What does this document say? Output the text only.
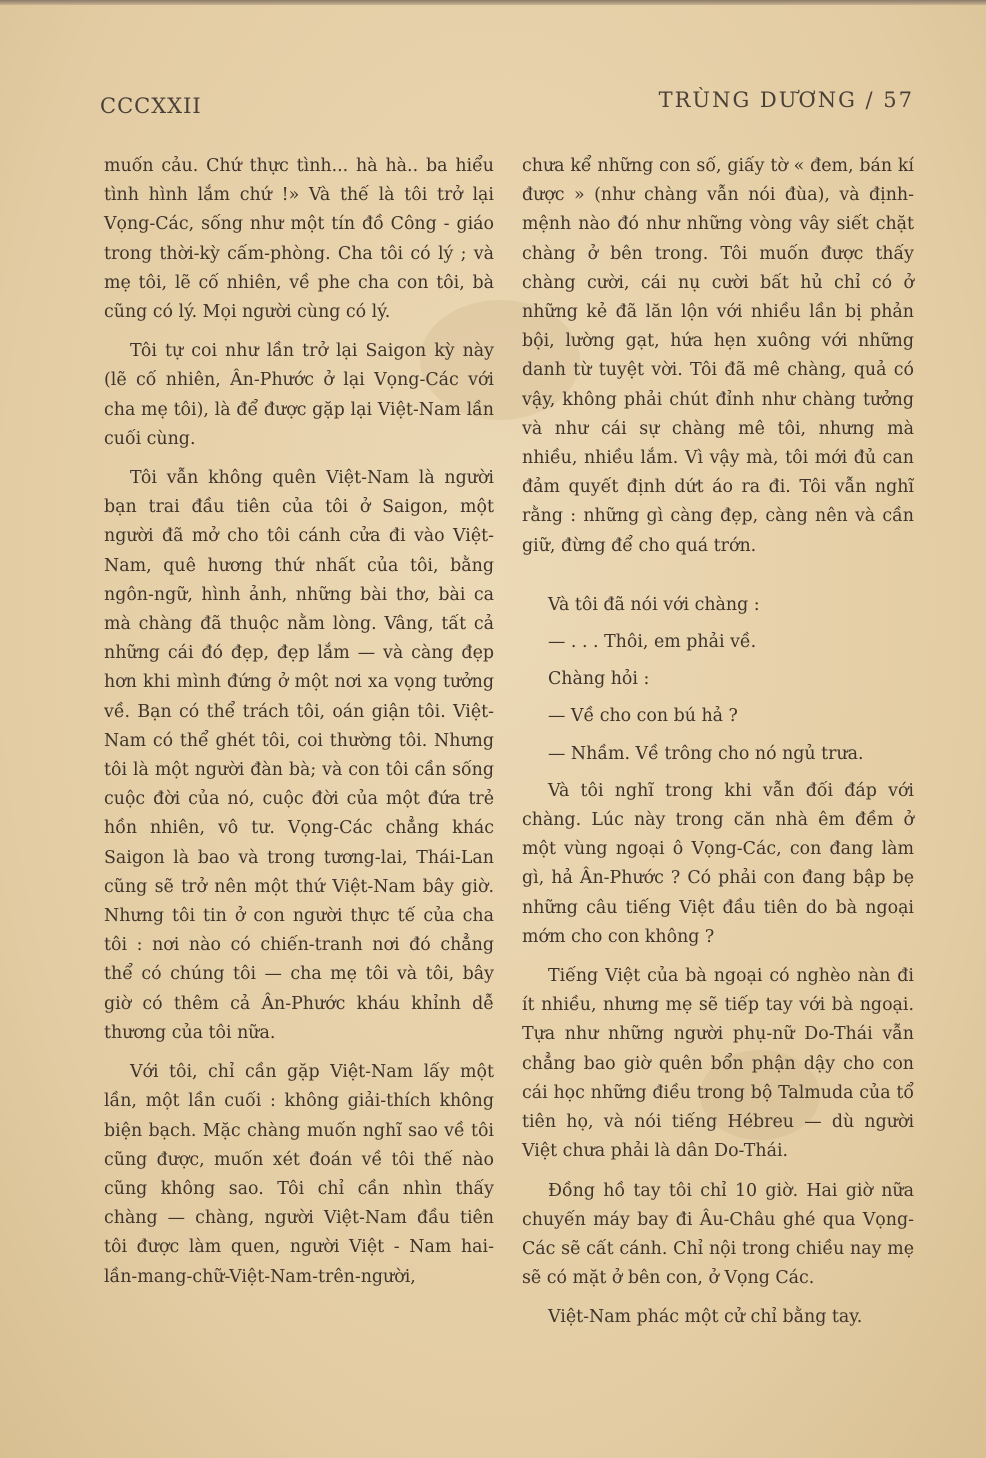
CCCXXII	TRÙNG DƯƠNG / 57

muốn cảu. Chứ thực tình... hà hà.. ba hiểu tình hình lắm chứ !» Và thế là tôi trở lại Vọng-Các, sống như một tín đồ Công - giáo trong thời-kỳ cấm-phòng. Cha tôi có lý ; và mẹ tôi, lẽ cố nhiên, về phe cha con tôi, bà cũng có lý. Mọi người cùng có lý.

Tôi tự coi như lần trở lại Saigon kỳ này (lẽ cố nhiên, Ân-Phước ở lại Vọng-Các với cha mẹ tôi), là để được gặp lại Việt-Nam lần cuối cùng.

Tôi vẫn không quên Việt-Nam là người bạn trai đầu tiên của tôi ở Saigon, một người đã mở cho tôi cánh cửa đi vào Việt-Nam, quê hương thứ nhất của tôi, bằng ngôn-ngữ, hình ảnh, những bài thơ, bài ca mà chàng đã thuộc nằm lòng. Vâng, tất cả những cái đó đẹp, đẹp lắm — và càng đẹp hơn khi mình đứng ở một nơi xa vọng tưởng về. Bạn có thể trách tôi, oán giận tôi. Việt-Nam có thể ghét tôi, coi thường tôi. Nhưng tôi là một người đàn bà; và con tôi cần sống cuộc đời của nó, cuộc đời của một đứa trẻ hồn nhiên, vô tư. Vọng-Các chẳng khác Saigon là bao và trong tương-lai, Thái-Lan cũng sẽ trở nên một thứ Việt-Nam bây giờ. Nhưng tôi tin ở con người thực tế của cha tôi : nơi nào có chiến-tranh nơi đó chẳng thể có chúng tôi — cha mẹ tôi và tôi, bây giờ có thêm cả Ân-Phước kháu khỉnh dễ thương của tôi nữa.

Với tôi, chỉ cần gặp Việt-Nam lấy một lần, một lần cuối : không giải-thích không biện bạch. Mặc chàng muốn nghĩ sao về tôi cũng được, muốn xét đoán về tôi thế nào cũng không sao. Tôi chỉ cần nhìn thấy chàng — chàng, người Việt-Nam đầu tiên tôi được làm quen, người Việt - Nam hai-lần-mang-chữ-Việt-Nam-trên-người,

chưa kể những con số, giấy tờ « đem, bán kí được » (như chàng vẫn nói đùa), và định-mệnh nào đó như những vòng vây siết chặt chàng ở bên trong. Tôi muốn được thấy chàng cười, cái nụ cười bất hủ chỉ có ở những kẻ đã lăn lộn với nhiều lần bị phản bội, lường gạt, hứa hẹn xuông với những danh từ tuyệt vời. Tôi đã mê chàng, quả có vậy, không phải chút đỉnh như chàng tưởng và như cái sự chàng mê tôi, nhưng mà nhiều, nhiều lắm. Vì vậy mà, tôi mới đủ can đảm quyết định dứt áo ra đi. Tôi vẫn nghĩ rằng : những gì càng đẹp, càng nên và cần giữ, đừng để cho quá trớn.

Và tôi đã nói với chàng :

— . . . Thôi, em phải về.

Chàng hỏi :

— Về cho con bú hả ?

— Nhầm. Về trông cho nó ngủ trưa.

Và tôi nghĩ trong khi vẫn đối đáp với chàng. Lúc này trong căn nhà êm đềm ở một vùng ngoại ô Vọng-Các, con đang làm gì, hả Ân-Phước ? Có phải con đang bập bẹ những câu tiếng Việt đầu tiên do bà ngoại mớm cho con không ?

Tiếng Việt của bà ngoại có nghèo nàn đi ít nhiều, nhưng mẹ sẽ tiếp tay với bà ngoại. Tựa như những người phụ-nữ Do-Thái vẫn chẳng bao giờ quên bổn phận dậy cho con cái học những điều trong bộ Talmuda của tổ tiên họ, và nói tiếng Hébreu — dù người Việt chưa phải là dân Do-Thái.

Đồng hồ tay tôi chỉ 10 giờ. Hai giờ nữa chuyến máy bay đi Âu-Châu ghé qua Vọng-Các sẽ cất cánh. Chỉ nội trong chiều nay mẹ sẽ có mặt ở bên con, ở Vọng Các.

Việt-Nam phác một cử chỉ bằng tay.
